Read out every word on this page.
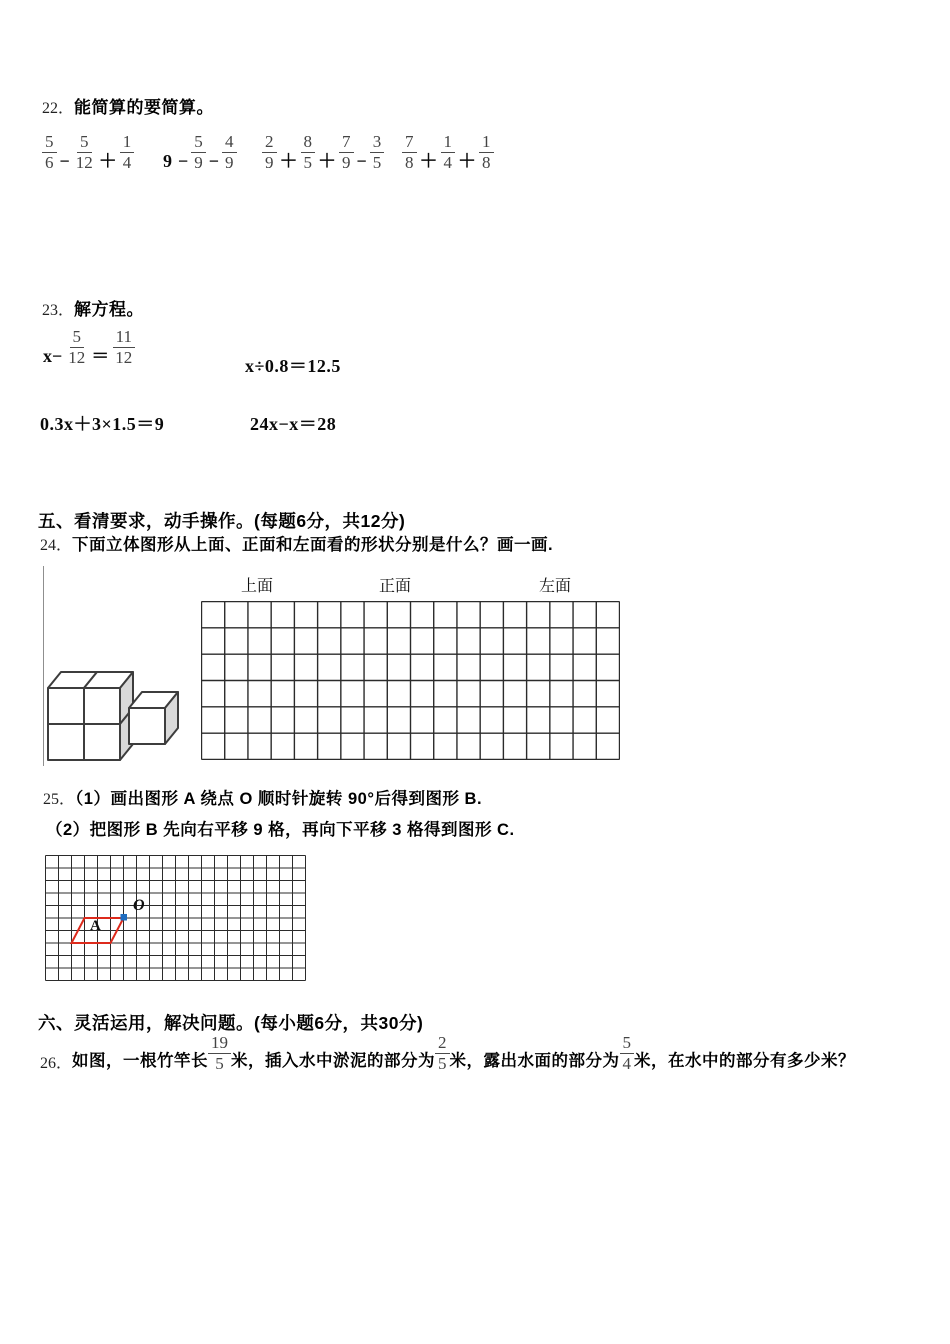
22．能简算的要简算。
$\frac{5}{6} - \frac{5}{12} + \frac{1}{4} 9 - \frac{5}{9} - \frac{4}{9} \frac{2}{9} + \frac{8}{5} + \frac{7}{9} - \frac{3}{5} \frac{7}{8} + \frac{1}{4} + \frac{1}{8}$
23．解方程。
$x- \frac{5}{12} = \frac{11}{12}$	x÷0.8＝12.5
0.3x＋3×1.5＝9	24x−x＝28
五、看清要求，动手操作。(每题6分，共12分)
24．下面立体图形从上面、正面和左面看的形状分别是什么？画一画.
上面	正面	左面
25．（1）画出图形 A 绕点 O 顺时针旋转 90°后得到图形 B.
（2）把图形 B 先向右平移 9 格，再向下平移 3 格得到图形 C.
A
O
六、灵活运用，解决问题。(每小题6分，共30分)
26． 如图，一根竹竿长 $\frac{19}{5}$ 米，插入水中淤泥的部分为 $\frac{2}{5}$ 米，露出水面的部分为 $\frac{5}{4}$ 米，在水中的部分有多少米？
